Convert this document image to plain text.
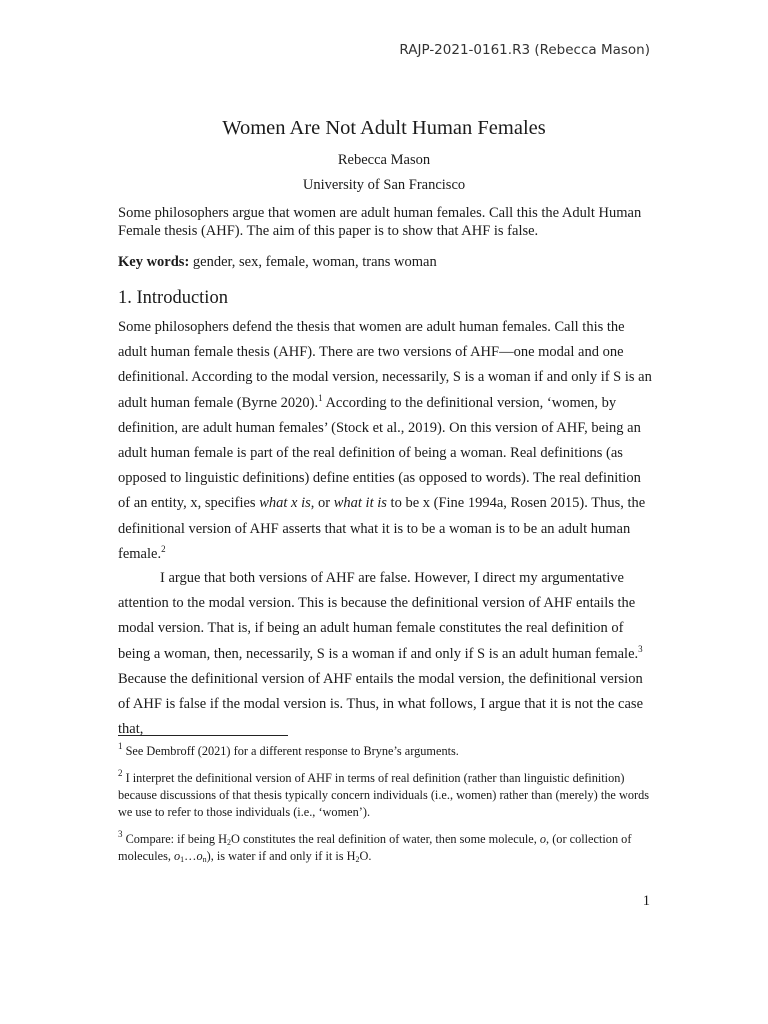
RAJP-2021-0161.R3 (Rebecca Mason)
Women Are Not Adult Human Females
Rebecca Mason
University of San Francisco

Some philosophers argue that women are adult human females. Call this the Adult Human Female thesis (AHF). The aim of this paper is to show that AHF is false.

Key words: gender, sex, female, woman, trans woman

1. Introduction

Some philosophers defend the thesis that women are adult human females. Call this the adult human female thesis (AHF). There are two versions of AHF—one modal and one definitional. According to the modal version, necessarily, S is a woman if and only if S is an adult human female (Byrne 2020).$^1$ According to the definitional version, ‘women, by definition, are adult human females’ (Stock et al., 2019). On this version of AHF, being an adult human female is part of the real definition of being a woman. Real definitions (as opposed to linguistic definitions) define entities (as opposed to words). The real definition of an entity, x, specifies what x is, or what it is to be x (Fine 1994a, Rosen 2015). Thus, the definitional version of AHF asserts that what it is to be a woman is to be an adult human female.$^2$

I argue that both versions of AHF are false. However, I direct my argumentative attention to the modal version. This is because the definitional version of AHF entails the modal version. That is, if being an adult human female constitutes the real definition of being a woman, then, necessarily, S is a woman if and only if S is an adult human female.$^3$ Because the definitional version of AHF entails the modal version, the definitional version of AHF is false if the modal version is. Thus, in what follows, I argue that it is not the case that,

$^1$ See Dembroff (2021) for a different response to Bryne’s arguments.

$^2$ I interpret the definitional version of AHF in terms of real definition (rather than linguistic definition) because discussions of that thesis typically concern individuals (i.e., women) rather than (merely) the words we use to refer to those individuals (i.e., ‘women’).

$^3$ Compare: if being $H_2O$ constitutes the real definition of water, then some molecule, o, (or collection of molecules, $o_1\dots o_n$), is water if and only if it is $H_2O$.

1
